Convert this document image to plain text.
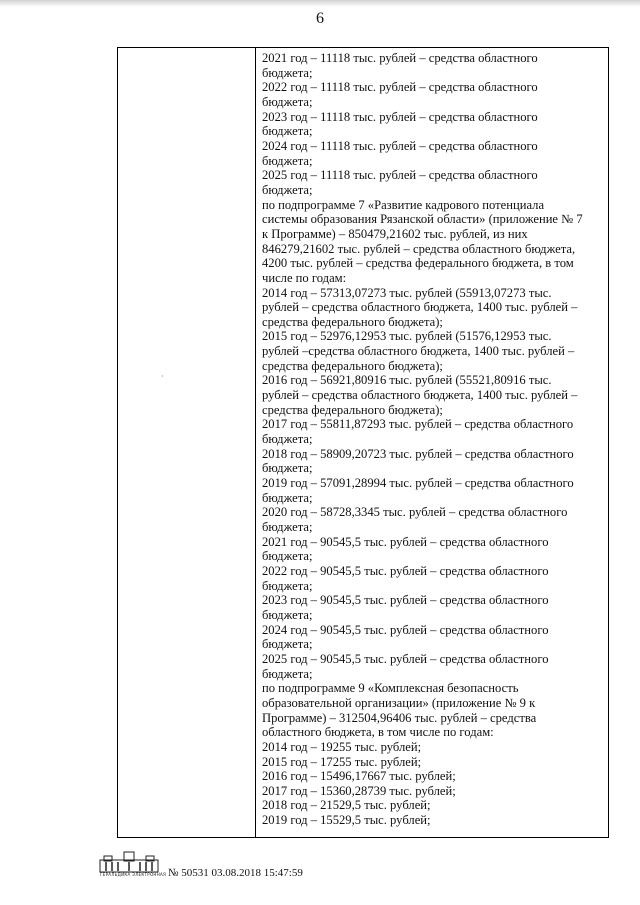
6
2021 год – 11118 тыс. рублей – средства областного
бюджета;
2022 год – 11118 тыс. рублей – средства областного
бюджета;
2023 год – 11118 тыс. рублей – средства областного
бюджета;
2024 год – 11118 тыс. рублей – средства областного
бюджета;
2025 год – 11118 тыс. рублей – средства областного
бюджета;
по подпрограмме 7 «Развитие кадрового потенциала
системы образования Рязанской области» (приложение № 7
к Программе) – 850479,21602 тыс. рублей, из них
846279,21602 тыс. рублей – средства областного бюджета,
4200 тыс. рублей – средства федерального бюджета, в том
числе по годам:
2014 год – 57313,07273 тыс. рублей (55913,07273 тыс.
рублей – средства областного бюджета, 1400 тыс. рублей –
средства федерального бюджета);
2015 год – 52976,12953 тыс. рублей (51576,12953 тыс.
рублей –средства областного бюджета, 1400 тыс. рублей –
средства федерального бюджета);
2016 год – 56921,80916 тыс. рублей (55521,80916 тыс.
рублей – средства областного бюджета, 1400 тыс. рублей –
средства федерального бюджета);
2017 год – 55811,87293 тыс. рублей – средства областного
бюджета;
2018 год – 58909,20723 тыс. рублей – средства областного
бюджета;
2019 год – 57091,28994 тыс. рублей – средства областного
бюджета;
2020 год – 58728,3345 тыс. рублей – средства областного
бюджета;
2021 год – 90545,5 тыс. рублей – средства областного
бюджета;
2022 год – 90545,5 тыс. рублей – средства областного
бюджета;
2023 год – 90545,5 тыс. рублей – средства областного
бюджета;
2024 год – 90545,5 тыс. рублей – средства областного
бюджета;
2025 год – 90545,5 тыс. рублей – средства областного
бюджета;
по подпрограмме 9 «Комплексная безопасность
образовательной организации» (приложение № 9 к
Программе) – 312504,96406 тыс. рублей – средства
областного бюджета, в том числе по годам:
2014 год – 19255 тыс. рублей;
2015 год – 17255 тыс. рублей;
2016 год – 15496,17667 тыс. рублей;
2017 год – 15360,28739 тыс. рублей;
2018 год – 21529,5 тыс. рублей;
2019 год – 15529,5 тыс. рублей;
·
ГЕРАЛЬДИКА ЭЛЕКТРОННАЯ № 50531 03.08.2018 15:47:59
